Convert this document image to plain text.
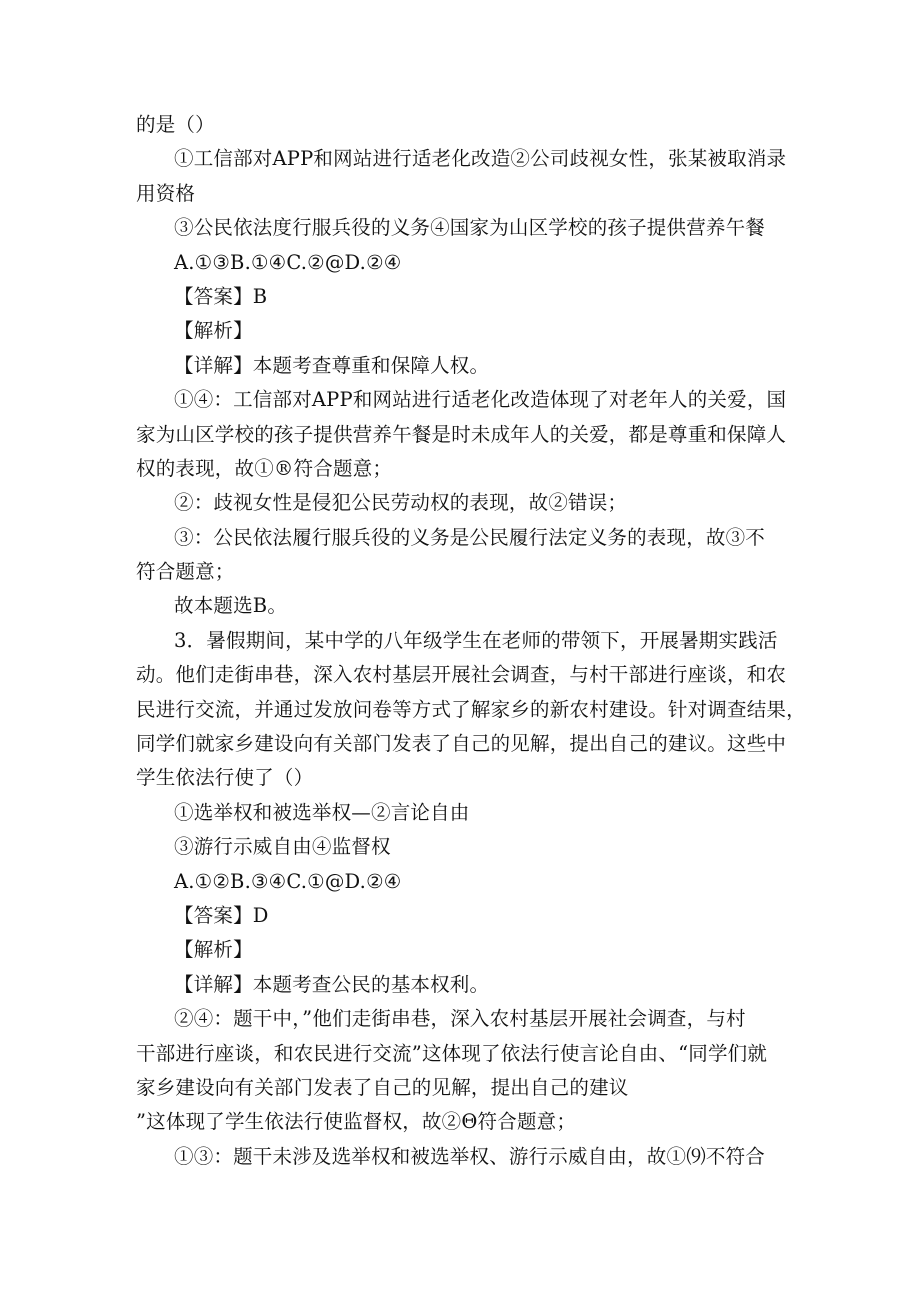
的是（）
①工信部对APP和网站进行适老化改造②公司歧视女性，张某被取消录
用资格
③公民依法度行服兵役的义务④国家为山区学校的孩子提供营养午餐
A.①③B.①④C.②@D.②④
【答案】B
【解析】
【详解】本题考查尊重和保障人权。
①④：工信部对APP和网站进行适老化改造体现了对老年人的关爱，国
家为山区学校的孩子提供营养午餐是时未成年人的关爱，都是尊重和保障人
权的表现，故①®符合题意；
②：歧视女性是侵犯公民劳动权的表现，故②错误；
③：公民依法履行服兵役的义务是公民履行法定义务的表现，故③不
符合题意；
故本题选B。
3．暑假期间，某中学的八年级学生在老师的带领下，开展暑期实践活
动。他们走街串巷，深入农村基层开展社会调查，与村干部进行座谈，和农
民进行交流，并通过发放问卷等方式了解家乡的新农村建设。针对调查结果，
同学们就家乡建设向有关部门发表了自己的见解，提出自己的建议。这些中
学生依法行使了（）
①选举权和被选举权—②言论自由
③游行示威自由④监督权
A.①②B.③④C.①@D.②④
【答案】D
【解析】
【详解】本题考查公民的基本权利。
②④：题干中，”他们走街串巷，深入农村基层开展社会调查，与村
干部进行座谈，和农民进行交流”这体现了依法行使言论自由、“同学们就
家乡建设向有关部门发表了自己的见解，提出自己的建议
”这体现了学生依法行使监督权，故②Θ符合题意；
①③：题干未涉及选举权和被选举权、游行示威自由，故①⑼不符合
